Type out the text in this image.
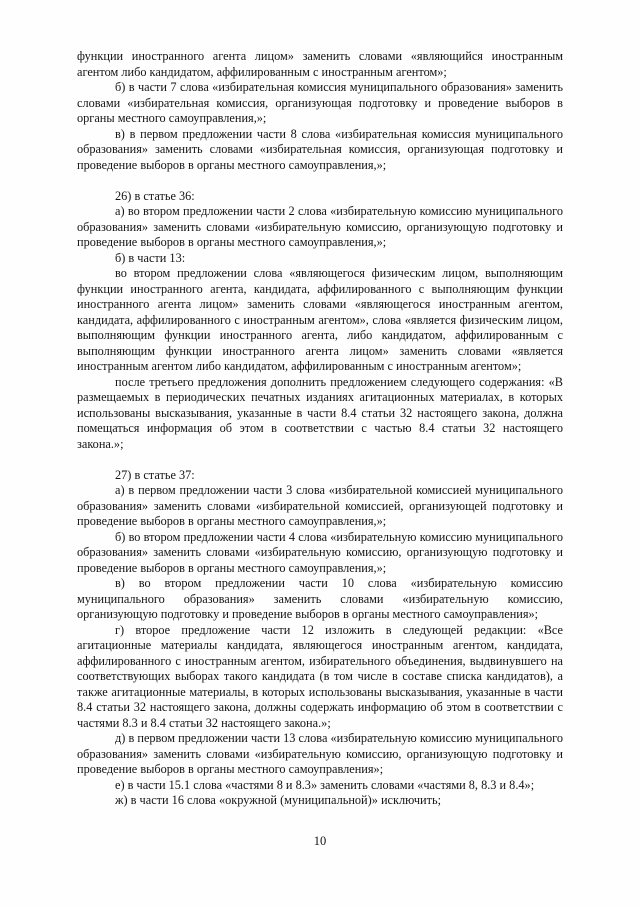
функции иностранного агента лицом» заменить словами «являющийся иностранным агентом либо кандидатом, аффилированным с иностранным агентом»;

б) в части 7 слова «избирательная комиссия муниципального образования» заменить словами «избирательная комиссия, организующая подготовку и проведение выборов в органы местного самоуправления,»;

в) в первом предложении части 8 слова «избирательная комиссия муниципального образования» заменить словами «избирательная комиссия, организующая подготовку и проведение выборов в органы местного самоуправления,»;

26) в статье 36:

а) во втором предложении части 2 слова «избирательную комиссию муниципального образования» заменить словами «избирательную комиссию, организующую подготовку и проведение выборов в органы местного самоуправления,»;

б) в части 13:

во втором предложении слова «являющегося физическим лицом, выполняющим функции иностранного агента, кандидата, аффилированного с выполняющим функции иностранного агента лицом» заменить словами «являющегося иностранным агентом, кандидата, аффилированного с иностранным агентом», слова «является физическим лицом, выполняющим функции иностранного агента, либо кандидатом, аффилированным с выполняющим функции иностранного агента лицом» заменить словами «является иностранным агентом либо кандидатом, аффилированным с иностранным агентом»;

после третьего предложения дополнить предложением следующего содержания: «В размещаемых в периодических печатных изданиях агитационных материалах, в которых использованы высказывания, указанные в части 8.4 статьи 32 настоящего закона, должна помещаться информация об этом в соответствии с частью 8.4 статьи 32 настоящего закона.»;

27) в статье 37:

а) в первом предложении части 3 слова «избирательной комиссией муниципального образования» заменить словами «избирательной комиссией, организующей подготовку и проведение выборов в органы местного самоуправления,»;

б) во втором предложении части 4 слова «избирательную комиссию муниципального образования» заменить словами «избирательную комиссию, организующую подготовку и проведение выборов в органы местного самоуправления,»;

в) во втором предложении части 10 слова «избирательную комиссию муниципального образования» заменить словами «избирательную комиссию, организующую подготовку и проведение выборов в органы местного самоуправления»;

г) второе предложение части 12 изложить в следующей редакции: «Все агитационные материалы кандидата, являющегося иностранным агентом, кандидата, аффилированного с иностранным агентом, избирательного объединения, выдвинувшего на соответствующих выборах такого кандидата (в том числе в составе списка кандидатов), а также агитационные материалы, в которых использованы высказывания, указанные в части 8.4 статьи 32 настоящего закона, должны содержать информацию об этом в соответствии с частями 8.3 и 8.4 статьи 32 настоящего закона.»;

д) в первом предложении части 13 слова «избирательную комиссию муниципального образования» заменить словами «избирательную комиссию, организующую подготовку и проведение выборов в органы местного самоуправления»;

е) в части 15.1 слова «частями 8 и 8.3» заменить словами «частями 8, 8.3 и 8.4»;

ж) в части 16 слова «окружной (муниципальной)» исключить;

10
